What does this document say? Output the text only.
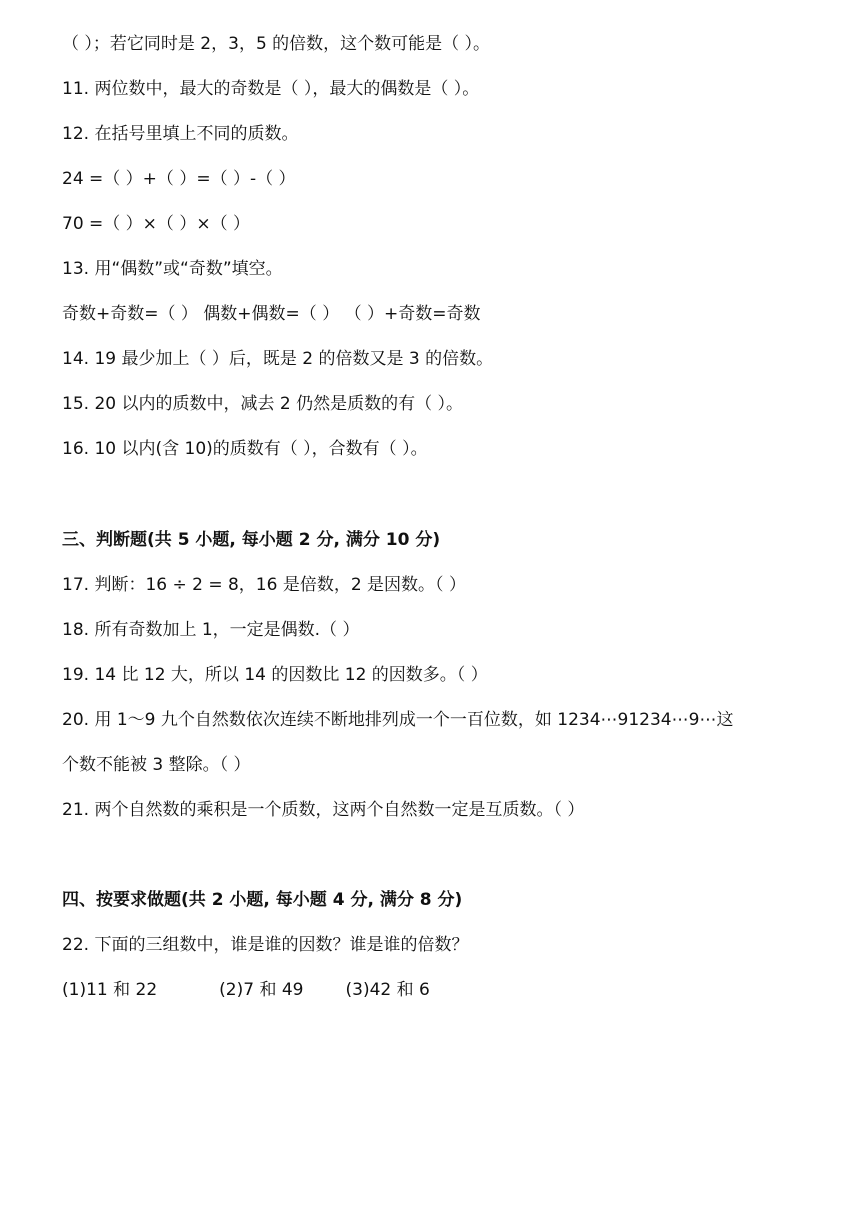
（ ）；若它同时是 2，3，5 的倍数，这个数可能是（ ）。
11. 两位数中，最大的奇数是（ ），最大的偶数是（ ）。
12. 在括号里填上不同的质数。
24 =（ ）+（ ）=（ ）-（ ）
70 =（ ）×（ ）×（ ）
13. 用“偶数”或“奇数”填空。
奇数+奇数=（ ） 偶数+偶数=（ ） （ ）+奇数=奇数
14. 19 最少加上（ ）后，既是 2 的倍数又是 3 的倍数。
15. 20 以内的质数中，减去 2 仍然是质数的有（ ）。
16. 10 以内(含 10)的质数有（ ），合数有（ ）。
三、判断题(共 5 小题, 每小题 2 分, 满分 10 分)
17. 判断：16 ÷ 2 = 8，16 是倍数，2 是因数。（ ）
18. 所有奇数加上 1，一定是偶数.（ ）
19. 14 比 12 大，所以 14 的因数比 12 的因数多。（ ）
20. 用 1～9 九个自然数依次连续不断地排列成一个一百位数，如 1234⋯91234⋯9⋯这
个数不能被 3 整除。（ ）
21. 两个自然数的乘积是一个质数，这两个自然数一定是互质数。（ ）
四、按要求做题(共 2 小题, 每小题 4 分, 满分 8 分)
22. 下面的三组数中，谁是谁的因数？谁是谁的倍数？
(1)11 和 22	(2)7 和 49 (3)42 和 6
